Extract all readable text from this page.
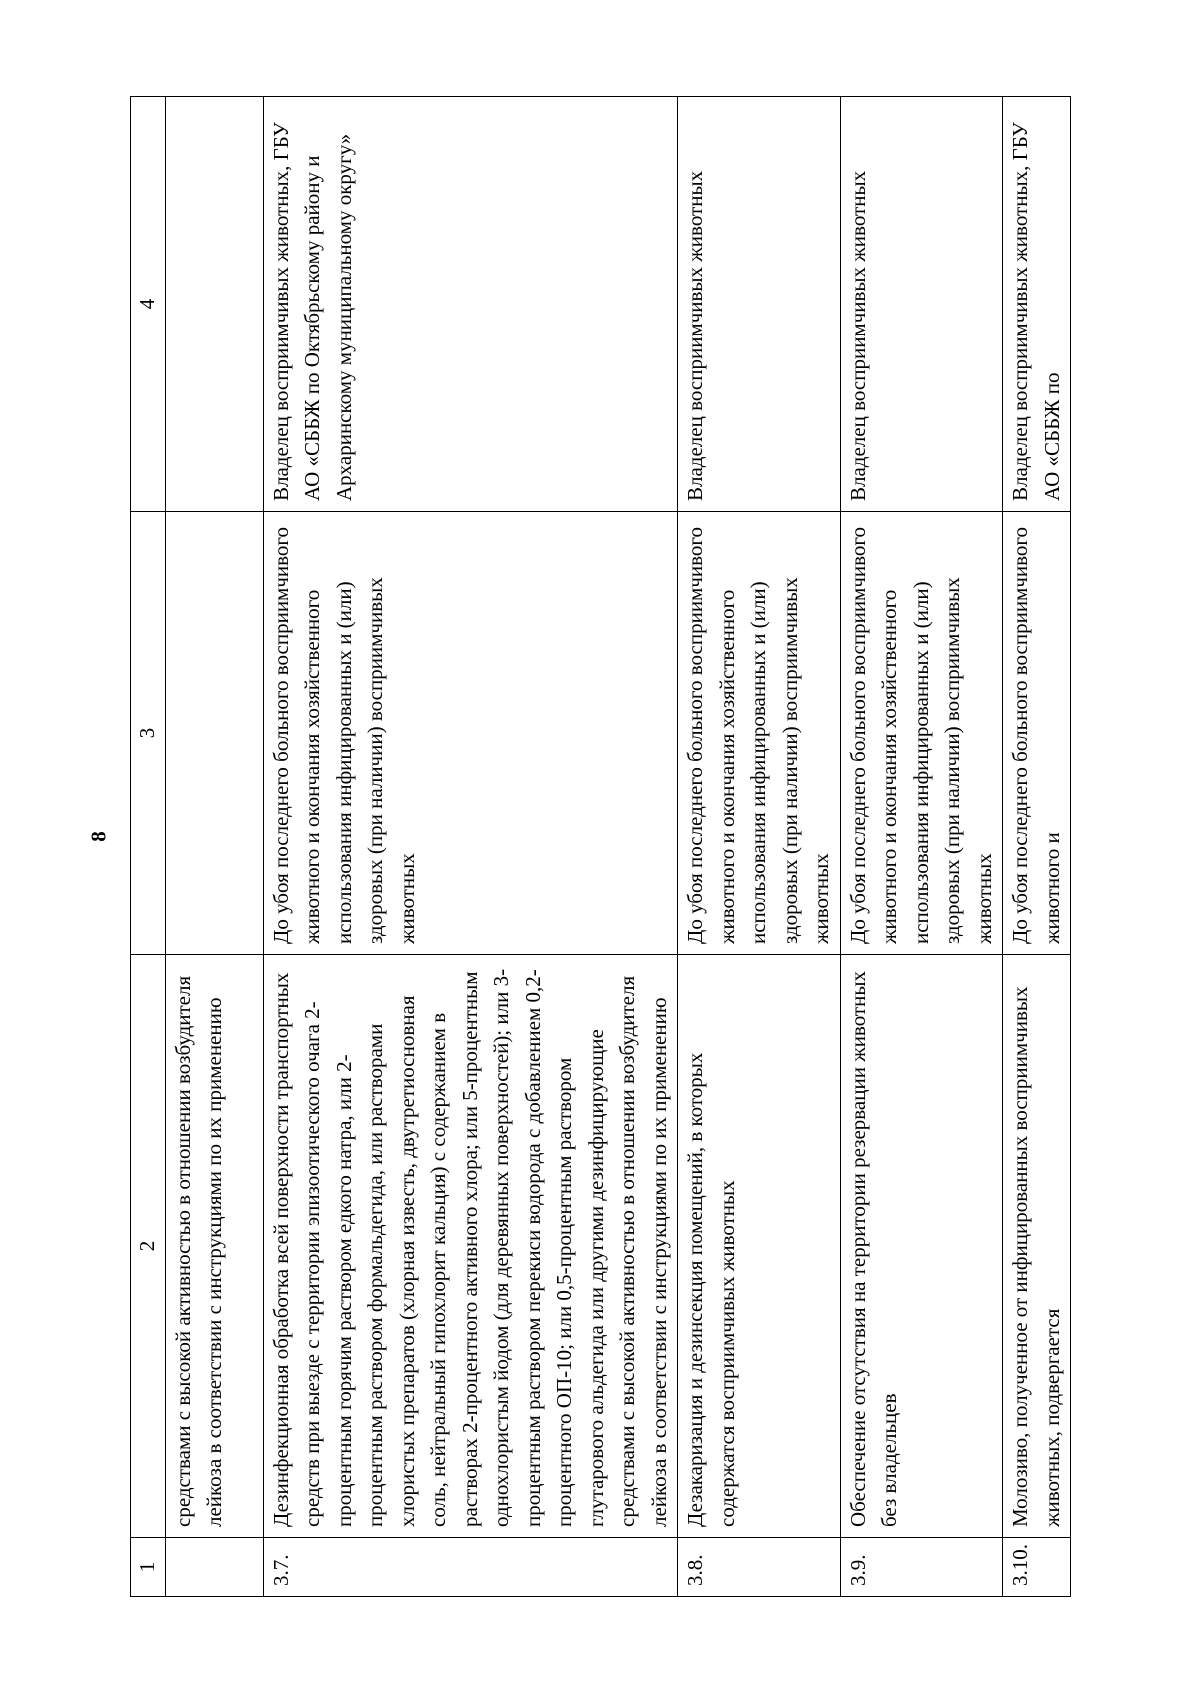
8
1	2	3	4
	средствами с высокой активностью в отношении возбудителя лейкоза в соответствии с инструкциями по их применению		
3.7.	Дезинфекционная обработка всей поверхности транспортных средств при выезде с территории эпизоотического очага 2-процентным горячим раствором едкого натра, или 2-процентным раствором формальдегида, или растворами хлористых препаратов (хлорная известь, двутретиосновная соль, нейтральный гипохлорит кальция) с содержанием в растворах 2-процентного активного хлора; или 5-процентным однохлористым йодом (для деревянных поверхностей); или 3-процентным раствором перекиси водорода с добавлением 0,2-процентного ОП-10; или 0,5-процентным раствором глутарового альдегида или другими дезинфицирующие средствами с высокой активностью в отношении возбудителя лейкоза в соответствии с инструкциями по их применению	До убоя последнего больного восприимчивого животного и окончания хозяйственного использования инфицированных и (или) здоровых (при наличии) восприимчивых животных	Владелец восприимчивых животных, ГБУ АО «СББЖ по Октябрьскому району и Архаринскому муниципальному округу»
3.8.	Дезакаризация и дезинсекция помещений, в которых содержатся восприимчивых животных	До убоя последнего больного восприимчивого животного и окончания хозяйственного использования инфицированных и (или) здоровых (при наличии) восприимчивых животных	Владелец восприимчивых животных
3.9.	Обеспечение отсутствия на территории резервации животных без владельцев	До убоя последнего больного восприимчивого животного и окончания хозяйственного использования инфицированных и (или) здоровых (при наличии) восприимчивых животных	Владелец восприимчивых животных
3.10.	Молозиво, полученное от инфицированных восприимчивых животных, подвергается	До убоя последнего больного восприимчивого животного и	Владелец восприимчивых животных, ГБУ АО «СББЖ по
